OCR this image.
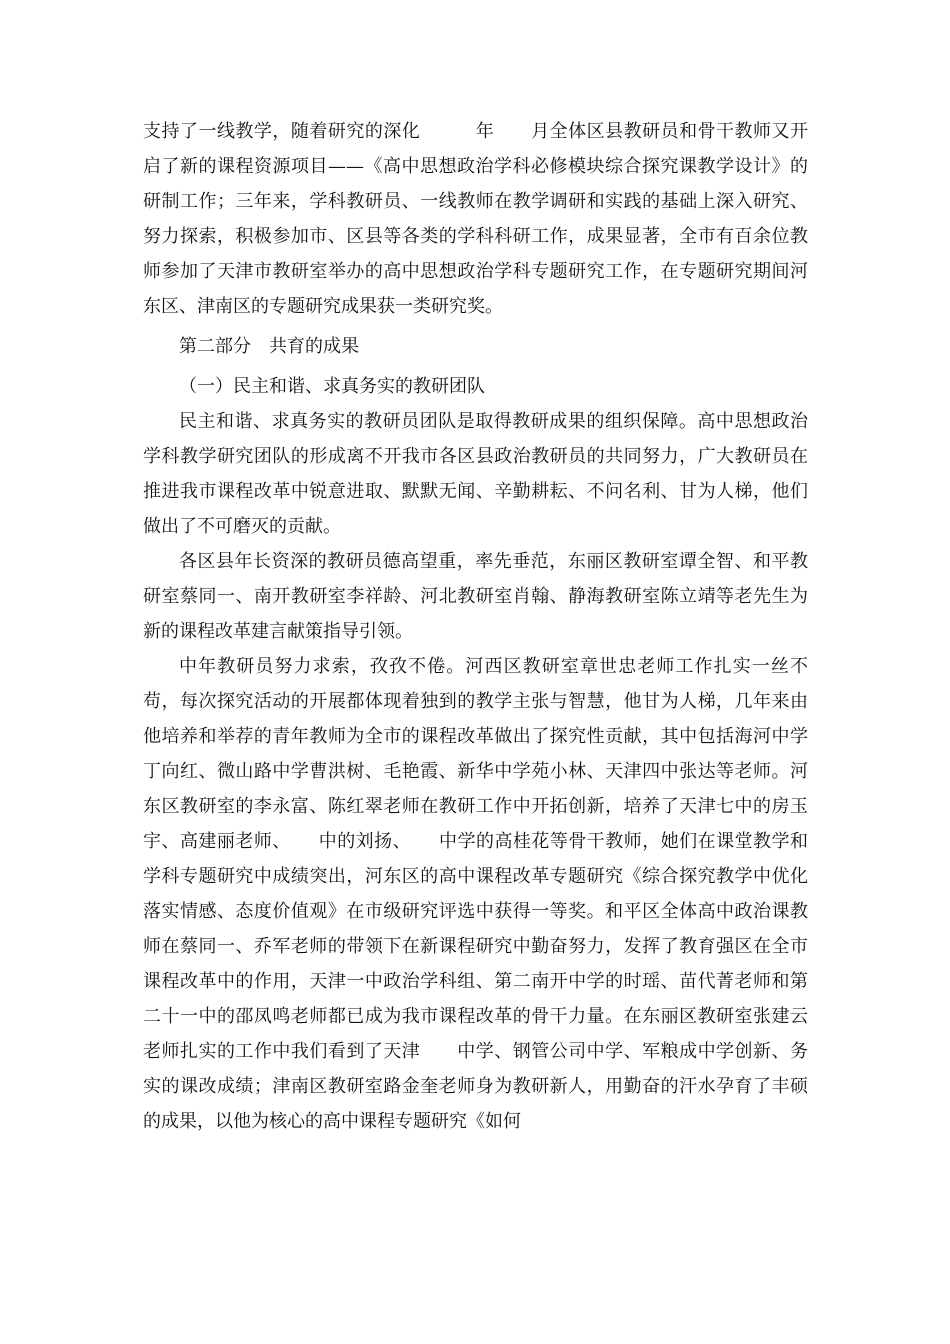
支持了一线教学，随着研究的深化　　　年　　月全体区县教研员和骨干教师又开启了新的课程资源项目——《高中思想政治学科必修模块综合探究课教学设计》的研制工作；三年来，学科教研员、一线教师在教学调研和实践的基础上深入研究、努力探索，积极参加市、区县等各类的学科科研工作，成果显著，全市有百余位教师参加了天津市教研室举办的高中思想政治学科专题研究工作，在专题研究期间河东区、津南区的专题研究成果获一类研究奖。

第二部分　共育的成果

（一）民主和谐、求真务实的教研团队

民主和谐、求真务实的教研员团队是取得教研成果的组织保障。高中思想政治学科教学研究团队的形成离不开我市各区县政治教研员的共同努力，广大教研员在推进我市课程改革中锐意进取、默默无闻、辛勤耕耘、不问名利、甘为人梯，他们做出了不可磨灭的贡献。

各区县年长资深的教研员德高望重，率先垂范，东丽区教研室谭全智、和平教研室蔡同一、南开教研室李祥龄、河北教研室肖翰、静海教研室陈立靖等老先生为新的课程改革建言献策指导引领。

中年教研员努力求索，孜孜不倦。河西区教研室章世忠老师工作扎实一丝不苟，每次探究活动的开展都体现着独到的教学主张与智慧，他甘为人梯，几年来由他培养和举荐的青年教师为全市的课程改革做出了探究性贡献，其中包括海河中学丁向红、微山路中学曹洪树、毛艳霞、新华中学苑小林、天津四中张达等老师。河东区教研室的李永富、陈红翠老师在教研工作中开拓创新，培养了天津七中的房玉宇、高建丽老师、　　中的刘扬、　　中学的高桂花等骨干教师，她们在课堂教学和学科专题研究中成绩突出，河东区的高中课程改革专题研究《综合探究教学中优化落实情感、态度价值观》在市级研究评选中获得一等奖。和平区全体高中政治课教师在蔡同一、乔军老师的带领下在新课程研究中勤奋努力，发挥了教育强区在全市课程改革中的作用，天津一中政治学科组、第二南开中学的时瑶、苗代菁老师和第二十一中的邵凤鸣老师都已成为我市课程改革的骨干力量。在东丽区教研室张建云老师扎实的工作中我们看到了天津　　中学、钢管公司中学、军粮成中学创新、务实的课改成绩；津南区教研室路金奎老师身为教研新人，用勤奋的汗水孕育了丰硕的成果，以他为核心的高中课程专题研究《如何
